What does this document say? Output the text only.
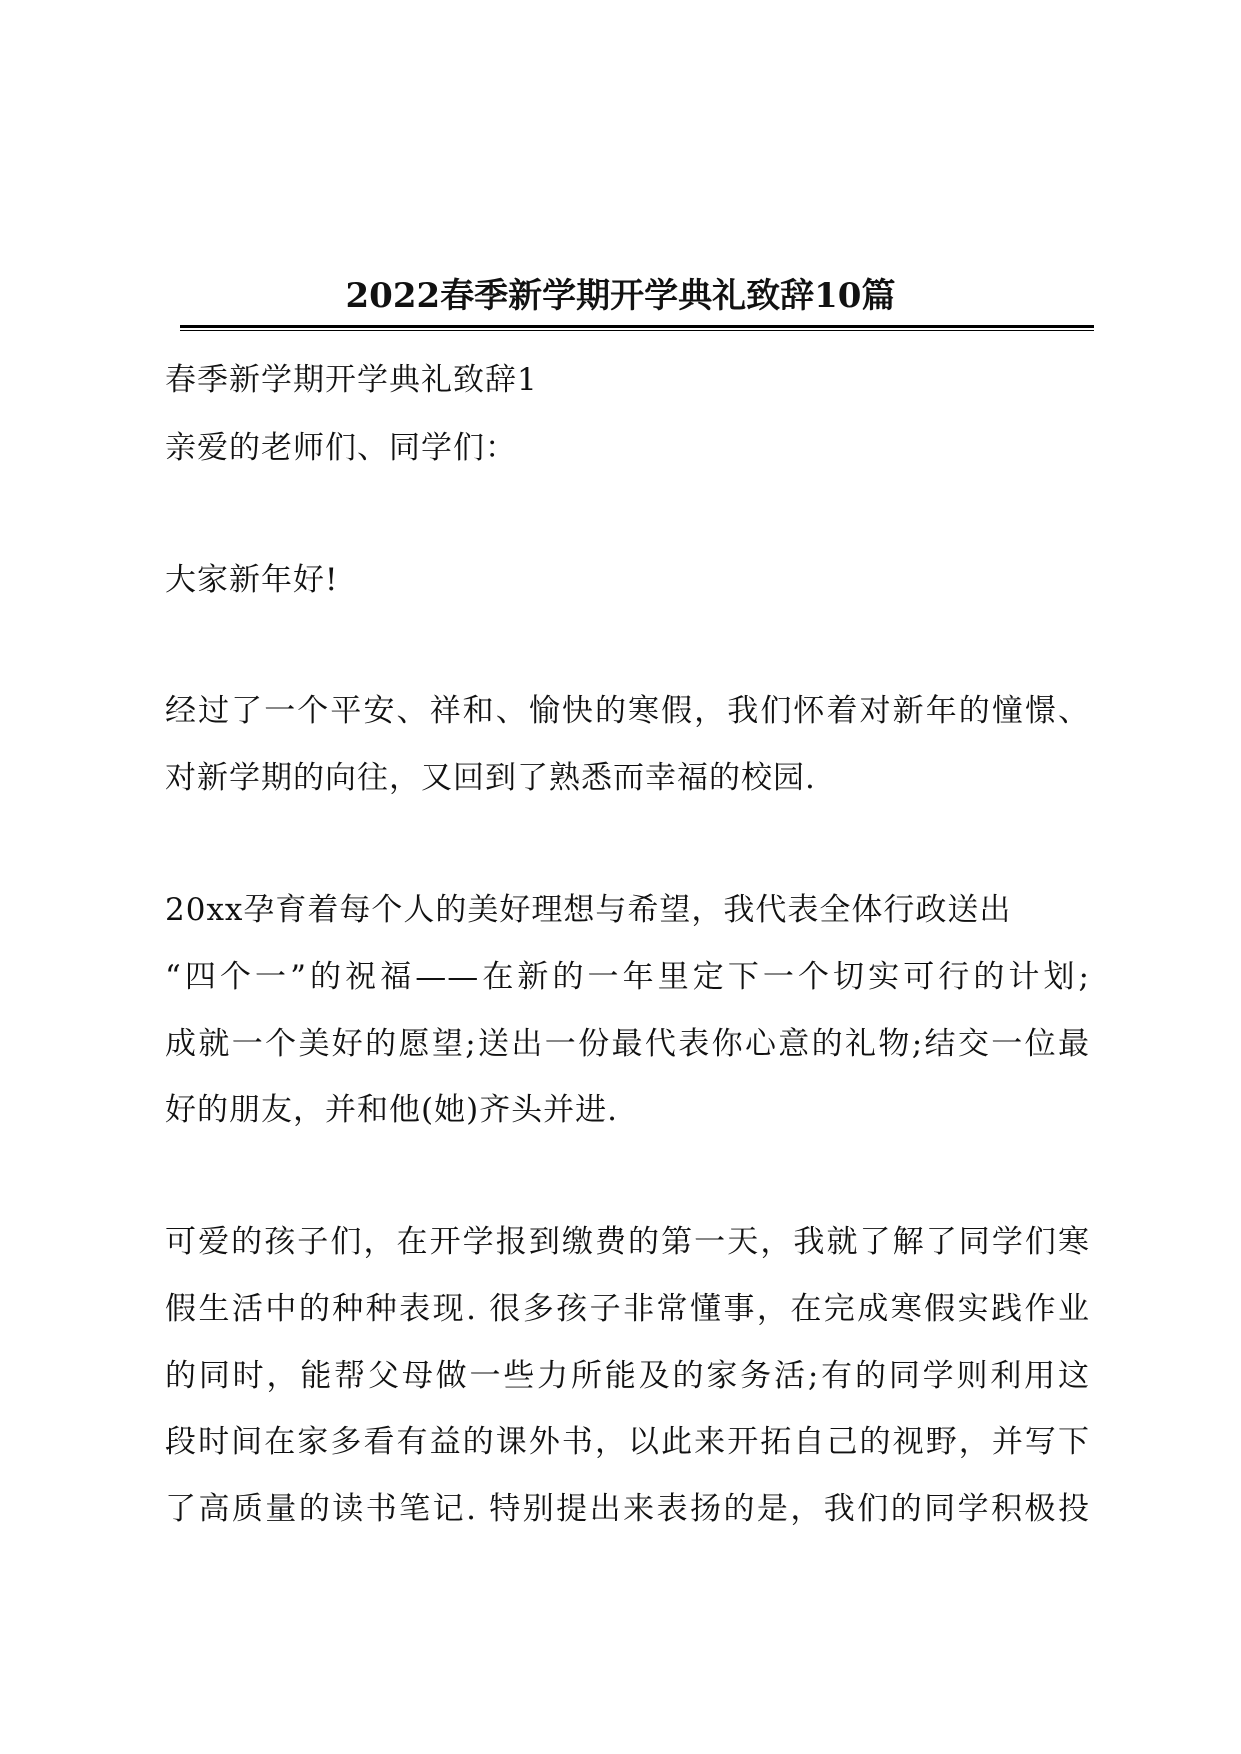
2022春季新学期开学典礼致辞10篇
春季新学期开学典礼致辞1
亲爱的老师们、同学们：
大家新年好!
经过了一个平安、祥和、愉快的寒假，我们怀着对新年的憧憬、
对新学期的向往，又回到了熟悉而幸福的校园.
20xx孕育着每个人的美好理想与希望，我代表全体行政送出
“四个一”的祝福——在新的一年里定下一个切实可行的计划;
成就一个美好的愿望;送出一份最代表你心意的礼物;结交一位最
好的朋友，并和他(她)齐头并进.
可爱的孩子们，在开学报到缴费的第一天，我就了解了同学们寒
假生活中的种种表现. 很多孩子非常懂事，在完成寒假实践作业
的同时，能帮父母做一些力所能及的家务活;有的同学则利用这
段时间在家多看有益的课外书，以此来开拓自己的视野，并写下
了高质量的读书笔记. 特别提出来表扬的是，我们的同学积极投
